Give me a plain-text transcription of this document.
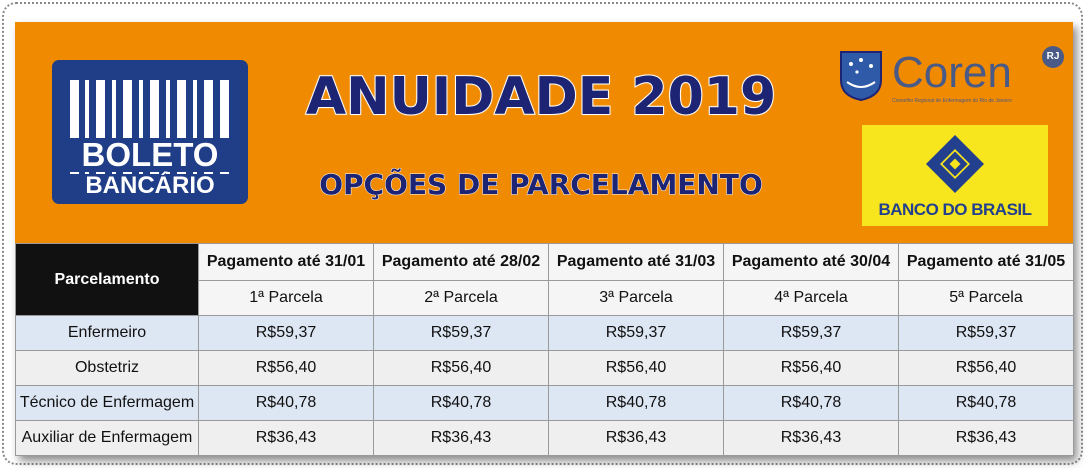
BOLETO
BANCÁRIO
ANUIDADE 2019
OPÇÕES DE PARCELAMENTO
Coren	RJ
Conselho Regional de Enfermagem do Rio de Janeiro
BANCO DO BRASIL
Parcelamento	Pagamento até 31/01	Pagamento até 28/02	Pagamento até 31/03	Pagamento até 30/04	Pagamento até 31/05
	1ª Parcela	2ª Parcela	3ª Parcela	4ª Parcela	5ª Parcela
Enfermeiro	R$59,37	R$59,37	R$59,37	R$59,37	R$59,37
Obstetriz	R$56,40	R$56,40	R$56,40	R$56,40	R$56,40
Técnico de Enfermagem	R$40,78	R$40,78	R$40,78	R$40,78	R$40,78
Auxiliar de Enfermagem	R$36,43	R$36,43	R$36,43	R$36,43	R$36,43
